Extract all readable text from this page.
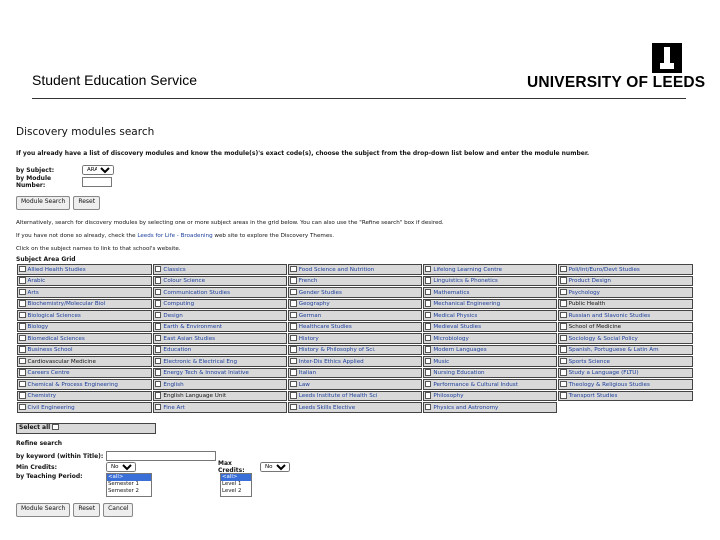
Student Education Service	UNIVERSITY OF LEEDS
Discovery modules search
If you already have a list of discovery modules and know the module(s)'s exact code(s), choose the subject from the drop-down list below and enter the module number.
by Subject:
ARAB
by Module Number:
Module Search	Reset
Alternatively, search for discovery modules by selecting one or more subject areas in the grid below. You can also use the "Refine search" box if desired.
If you have not done so already, check the Leeds for Life - Broadening web site to explore the Discovery Themes.
Click on the subject names to link to that school's website.
Subject Area Grid
Allied Health Studies	Classics	Food Science and Nutrition	Lifelong Learning Centre	Poli/Int/Euro/Devt Studies
Arabic	Colour Science	French	Linguistics & Phonetics	Product Design
Arts	Communication Studies	Gender Studies	Mathematics	Psychology
Biochemistry/Molecular Biol	Computing	Geography	Mechanical Engineering	Public Health
Biological Sciences	Design	German	Medical Physics	Russian and Slavonic Studies
Biology	Earth & Environment	Healthcare Studies	Medieval Studies	School of Medicine
Biomedical Sciences	East Asian Studies	History	Microbiology	Sociology & Social Policy
Business School	Education	History & Philosophy of Sci.	Modern Languages	Spanish, Portuguese & Latin Am
Cardiovascular Medicine	Electronic & Electrical Eng	Inter-Dis Ethics Applied	Music	Sports Science
Careers Centre	Energy Tech & Innovat Iniative	Italian	Nursing Education	Study a Language (FLTU)
Chemical & Process Engineering	English	Law	Performance & Cultural Indust	Theology & Religious Studies
Chemistry	English Language Unit	Leeds Institute of Health Sci	Philosophy	Transport Studies
Civil Engineering	Fine Art	Leeds Skills Elective	Physics and Astronomy	
Select all
Refine search
by keyword (within Title):
Min Credits:
None	Max Credits:
None
by Teaching Period:	<all>
Semester 1
Semester 2
<all>
Level 1
Level 2
Module Search	Reset	Cancel
